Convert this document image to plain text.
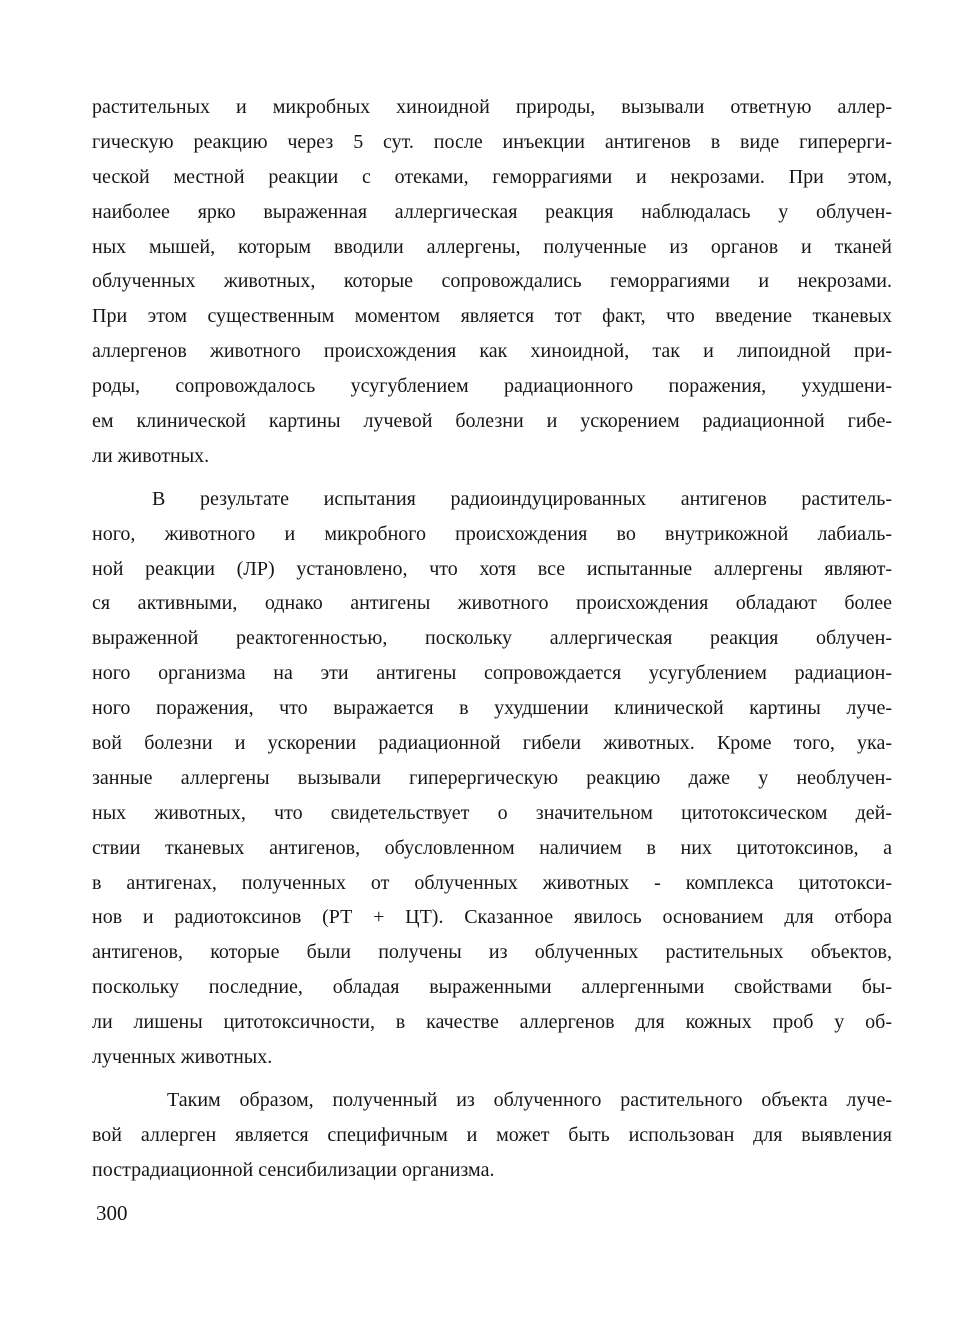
растительных и микробных хиноидной природы, вызывали ответную аллер-
гическую реакцию через 5 сут. после инъекции антигенов в виде гиперерги-
ческой местной реакции с отеками, геморрагиями и некрозами. При этом,
наиболее ярко выраженная аллергическая реакция наблюдалась у облучен-
ных мышей, которым вводили аллергены, полученные из органов и тканей
облученных животных, которые сопровождались геморрагиями и некрозами.
При этом существенным моментом является тот факт, что введение тканевых
аллергенов животного происхождения как хиноидной, так и липоидной при-
роды, сопровождалось усугублением радиационного поражения, ухудшени-
ем клинической картины лучевой болезни и ускорением радиационной гибе-
ли животных.
В результате испытания радиоиндуцированных антигенов раститель-
ного, животного и микробного происхождения во внутрикожной лабиаль-
ной реакции (ЛР) установлено, что хотя все испытанные аллергены являют-
ся активными, однако антигены животного происхождения обладают более
выраженной реактогенностью, поскольку аллергическая реакция облучен-
ного организма на эти антигены сопровождается усугублением радиацион-
ного поражения, что выражается в ухудшении клинической картины луче-
вой болезни и ускорении радиационной гибели животных. Кроме того, ука-
занные аллергены вызывали гиперергическую реакцию даже у необлучен-
ных животных, что свидетельствует о значительном цитотоксическом дей-
ствии тканевых антигенов, обусловленном наличием в них цитотоксинов, а
в антигенах, полученных от облученных животных - комплекса цитотокси-
нов и радиотоксинов (РТ + ЦТ). Сказанное явилось основанием для отбора
антигенов, которые были получены из облученных растительных объектов,
поскольку последние, обладая выраженными аллергенными свойствами бы-
ли лишены цитотоксичности, в качестве аллергенов для кожных проб у об-
лученных животных.
Таким образом, полученный из облученного растительного объекта луче-
вой аллерген является специфичным и может быть использован для выявления
пострадиационной сенсибилизации организма.
300
